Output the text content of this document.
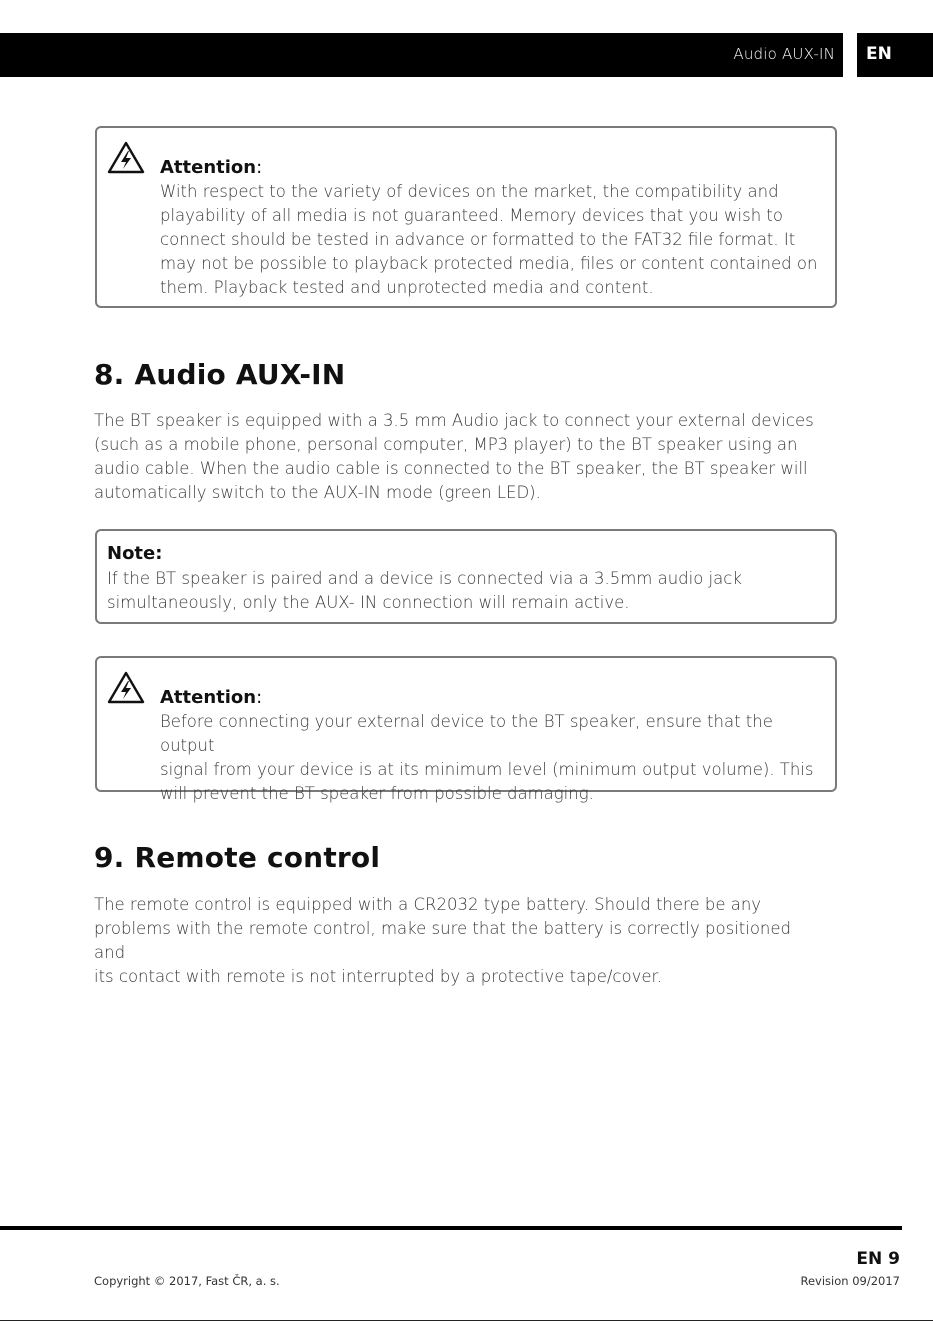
Audio AUX-IN	EN
Attention:
With respect to the variety of devices on the market, the compatibility and
playability of all media is not guaranteed. Memory devices that you wish to
connect should be tested in advance or formatted to the FAT32 file format. It
may not be possible to playback protected media, files or content contained on
them. Playback tested and unprotected media and content.
8. Audio AUX-IN
The BT speaker is equipped with a 3.5 mm Audio jack to connect your external devices
(such as a mobile phone, personal computer, MP3 player) to the BT speaker using an
audio cable. When the audio cable is connected to the BT speaker, the BT speaker will
automatically switch to the AUX-IN mode (green LED).
Note:
If the BT speaker is paired and a device is connected via a 3.5mm audio jack
simultaneously, only the AUX- IN connection will remain active.
Attention:
Before connecting your external device to the BT speaker, ensure that the output
signal from your device is at its minimum level (minimum output volume). This
will prevent the BT speaker from possible damaging.
9. Remote control
The remote control is equipped with a CR2032 type battery. Should there be any
problems with the remote control, make sure that the battery is correctly positioned and
its contact with remote is not interrupted by a protective tape/cover.
EN 9
Copyright © 2017, Fast ČR, a. s.	Revision 09/2017
